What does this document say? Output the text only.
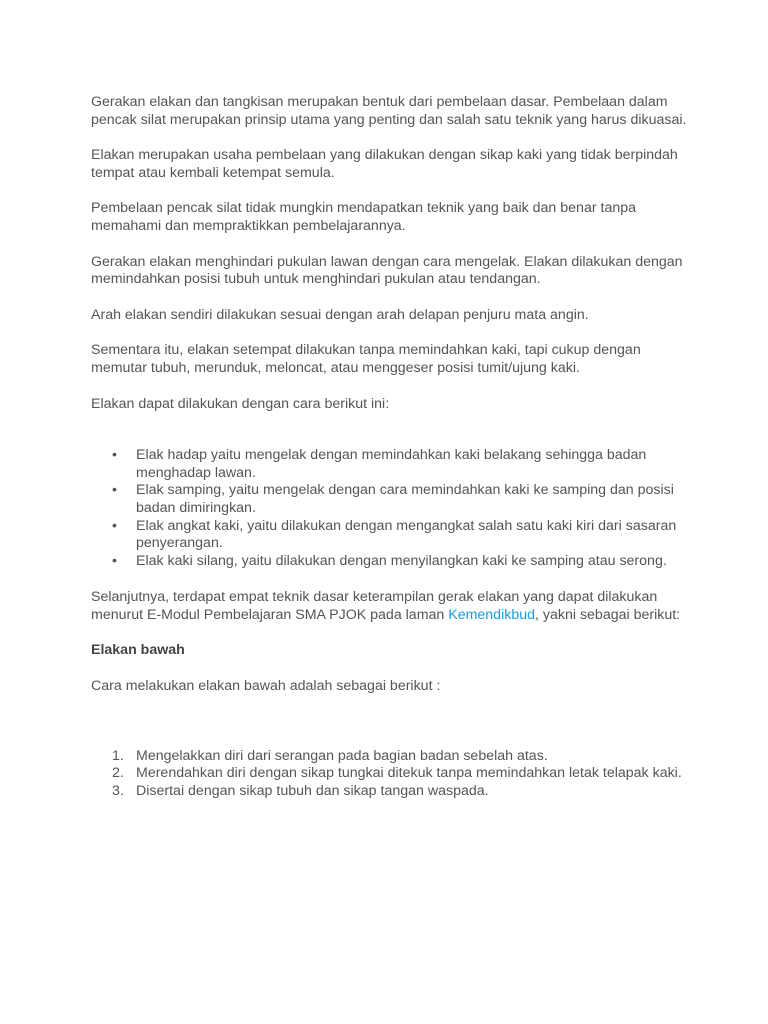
Gerakan elakan dan tangkisan merupakan bentuk dari pembelaan dasar. Pembelaan dalam pencak silat merupakan prinsip utama yang penting dan salah satu teknik yang harus dikuasai.

Elakan merupakan usaha pembelaan yang dilakukan dengan sikap kaki yang tidak berpindah tempat atau kembali ketempat semula.

Pembelaan pencak silat tidak mungkin mendapatkan teknik yang baik dan benar tanpa memahami dan mempraktikkan pembelajarannya.

Gerakan elakan menghindari pukulan lawan dengan cara mengelak. Elakan dilakukan dengan memindahkan posisi tubuh untuk menghindari pukulan atau tendangan.

Arah elakan sendiri dilakukan sesuai dengan arah delapan penjuru mata angin.

Sementara itu, elakan setempat dilakukan tanpa memindahkan kaki, tapi cukup dengan memutar tubuh, merunduk, meloncat, atau menggeser posisi tumit/ujung kaki.

Elakan dapat dilakukan dengan cara berikut ini:

• Elak hadap yaitu mengelak dengan memindahkan kaki belakang sehingga badan menghadap lawan.
• Elak samping, yaitu mengelak dengan cara memindahkan kaki ke samping dan posisi badan dimiringkan.
• Elak angkat kaki, yaitu dilakukan dengan mengangkat salah satu kaki kiri dari sasaran penyerangan.
• Elak kaki silang, yaitu dilakukan dengan menyilangkan kaki ke samping atau serong.

Selanjutnya, terdapat empat teknik dasar keterampilan gerak elakan yang dapat dilakukan menurut E-Modul Pembelajaran SMA PJOK pada laman Kemendikbud, yakni sebagai berikut:

Elakan bawah

Cara melakukan elakan bawah adalah sebagai berikut :

1. Mengelakkan diri dari serangan pada bagian badan sebelah atas.
2. Merendahkan diri dengan sikap tungkai ditekuk tanpa memindahkan letak telapak kaki.
3. Disertai dengan sikap tubuh dan sikap tangan waspada.
